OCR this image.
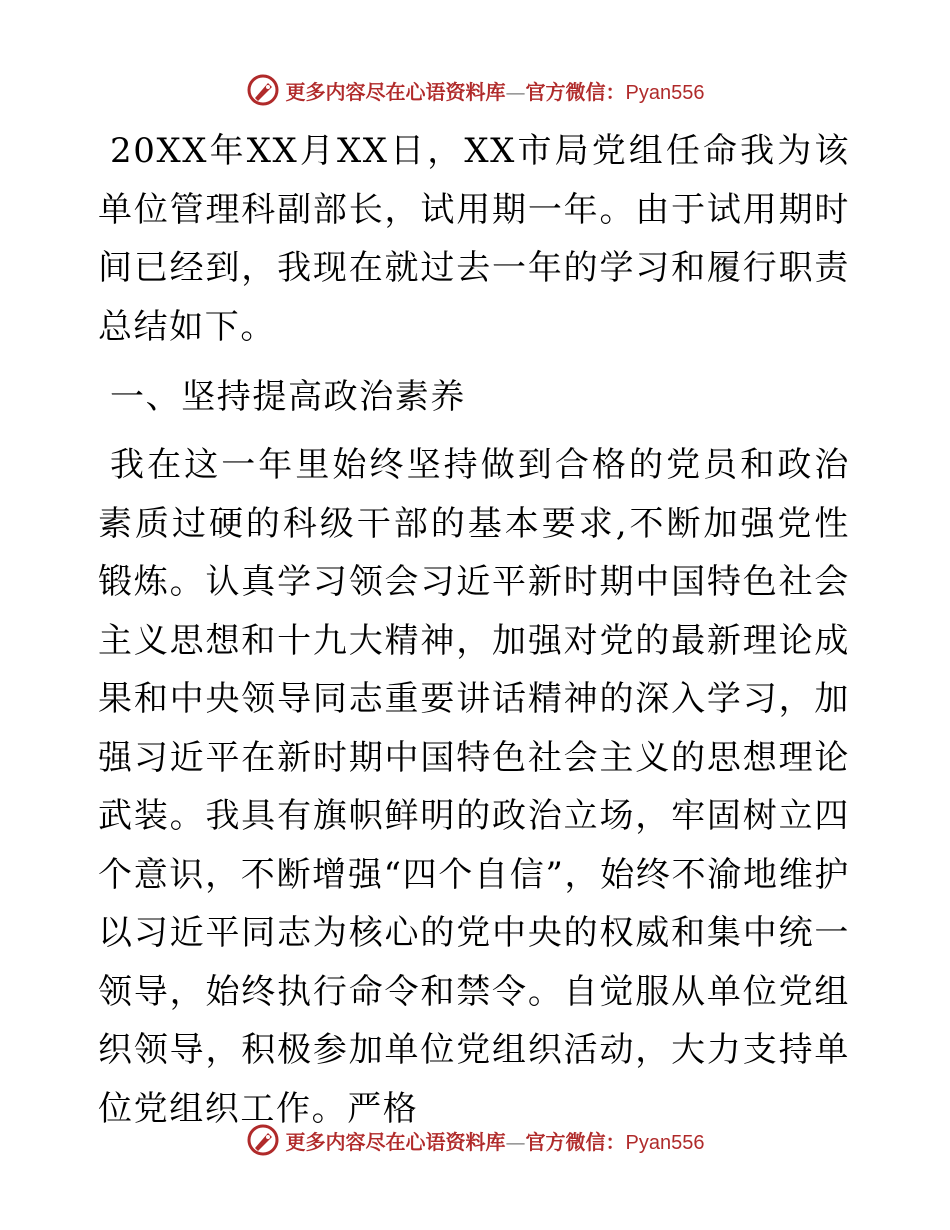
更多内容尽在心语资料库—官方微信：Pyan556

20XX年XX月XX日，XX市局党组任命我为该单位管理科副部长，试用期一年。由于试用期时间已经到，我现在就过去一年的学习和履行职责总结如下。

一、坚持提高政治素养

我在这一年里始终坚持做到合格的党员和政治素质过硬的科级干部的基本要求,不断加强党性锻炼。认真学习领会习近平新时期中国特色社会主义思想和十九大精神，加强对党的最新理论成果和中央领导同志重要讲话精神的深入学习，加强习近平在新时期中国特色社会主义的思想理论武装。我具有旗帜鲜明的政治立场，牢固树立四个意识，不断增强“四个自信”，始终不渝地维护以习近平同志为核心的党中央的权威和集中统一领导，始终执行命令和禁令。自觉服从单位党组织领导，积极参加单位党组织活动，大力支持单位党组织工作。严格

更多内容尽在心语资料库—官方微信：Pyan556
